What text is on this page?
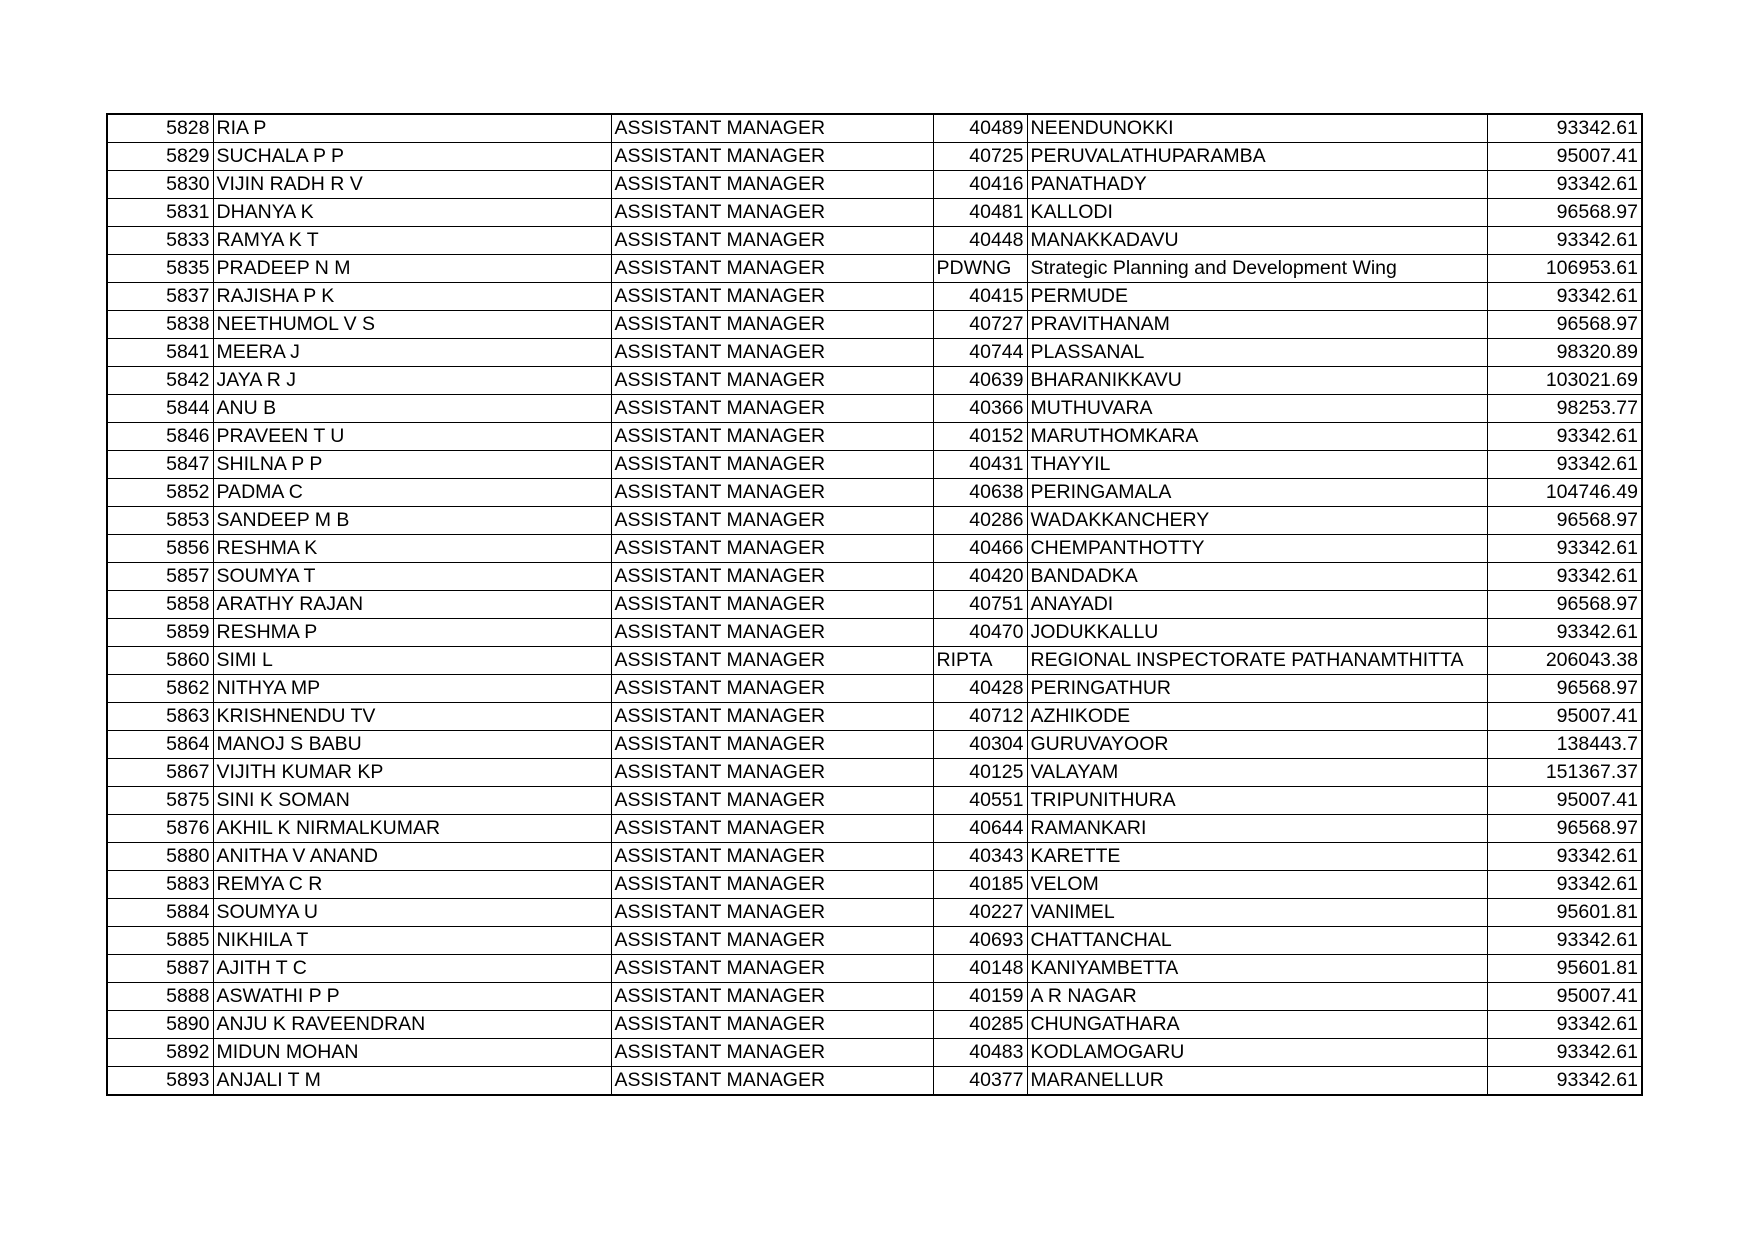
5828	RIA P	ASSISTANT MANAGER	40489	NEENDUNOKKI	93342.61
5829	SUCHALA P P	ASSISTANT MANAGER	40725	PERUVALATHUPARAMBA	95007.41
5830	VIJIN RADH R V	ASSISTANT MANAGER	40416	PANATHADY	93342.61
5831	DHANYA K	ASSISTANT MANAGER	40481	KALLODI	96568.97
5833	RAMYA K T	ASSISTANT MANAGER	40448	MANAKKADAVU	93342.61
5835	PRADEEP N M	ASSISTANT MANAGER	PDWNG	Strategic Planning and Development Wing	106953.61
5837	RAJISHA P K	ASSISTANT MANAGER	40415	PERMUDE	93342.61
5838	NEETHUMOL V S	ASSISTANT MANAGER	40727	PRAVITHANAM	96568.97
5841	MEERA J	ASSISTANT MANAGER	40744	PLASSANAL	98320.89
5842	JAYA R J	ASSISTANT MANAGER	40639	BHARANIKKAVU	103021.69
5844	ANU B	ASSISTANT MANAGER	40366	MUTHUVARA	98253.77
5846	PRAVEEN T U	ASSISTANT MANAGER	40152	MARUTHOMKARA	93342.61
5847	SHILNA P P	ASSISTANT MANAGER	40431	THAYYIL	93342.61
5852	PADMA C	ASSISTANT MANAGER	40638	PERINGAMALA	104746.49
5853	SANDEEP M B	ASSISTANT MANAGER	40286	WADAKKANCHERY	96568.97
5856	RESHMA K	ASSISTANT MANAGER	40466	CHEMPANTHOTTY	93342.61
5857	SOUMYA T	ASSISTANT MANAGER	40420	BANDADKA	93342.61
5858	ARATHY RAJAN	ASSISTANT MANAGER	40751	ANAYADI	96568.97
5859	RESHMA P	ASSISTANT MANAGER	40470	JODUKKALLU	93342.61
5860	SIMI L	ASSISTANT MANAGER	RIPTA	REGIONAL INSPECTORATE PATHANAMTHITTA	206043.38
5862	NITHYA MP	ASSISTANT MANAGER	40428	PERINGATHUR	96568.97
5863	KRISHNENDU TV	ASSISTANT MANAGER	40712	AZHIKODE	95007.41
5864	MANOJ S BABU	ASSISTANT MANAGER	40304	GURUVAYOOR	138443.7
5867	VIJITH KUMAR KP	ASSISTANT MANAGER	40125	VALAYAM	151367.37
5875	SINI K SOMAN	ASSISTANT MANAGER	40551	TRIPUNITHURA	95007.41
5876	AKHIL K NIRMALKUMAR	ASSISTANT MANAGER	40644	RAMANKARI	96568.97
5880	ANITHA V ANAND	ASSISTANT MANAGER	40343	KARETTE	93342.61
5883	REMYA C R	ASSISTANT MANAGER	40185	VELOM	93342.61
5884	SOUMYA U	ASSISTANT MANAGER	40227	VANIMEL	95601.81
5885	NIKHILA T	ASSISTANT MANAGER	40693	CHATTANCHAL	93342.61
5887	AJITH T C	ASSISTANT MANAGER	40148	KANIYAMBETTA	95601.81
5888	ASWATHI P P	ASSISTANT MANAGER	40159	A R NAGAR	95007.41
5890	ANJU K RAVEENDRAN	ASSISTANT MANAGER	40285	CHUNGATHARA	93342.61
5892	MIDUN MOHAN	ASSISTANT MANAGER	40483	KODLAMOGARU	93342.61
5893	ANJALI T M	ASSISTANT MANAGER	40377	MARANELLUR	93342.61
